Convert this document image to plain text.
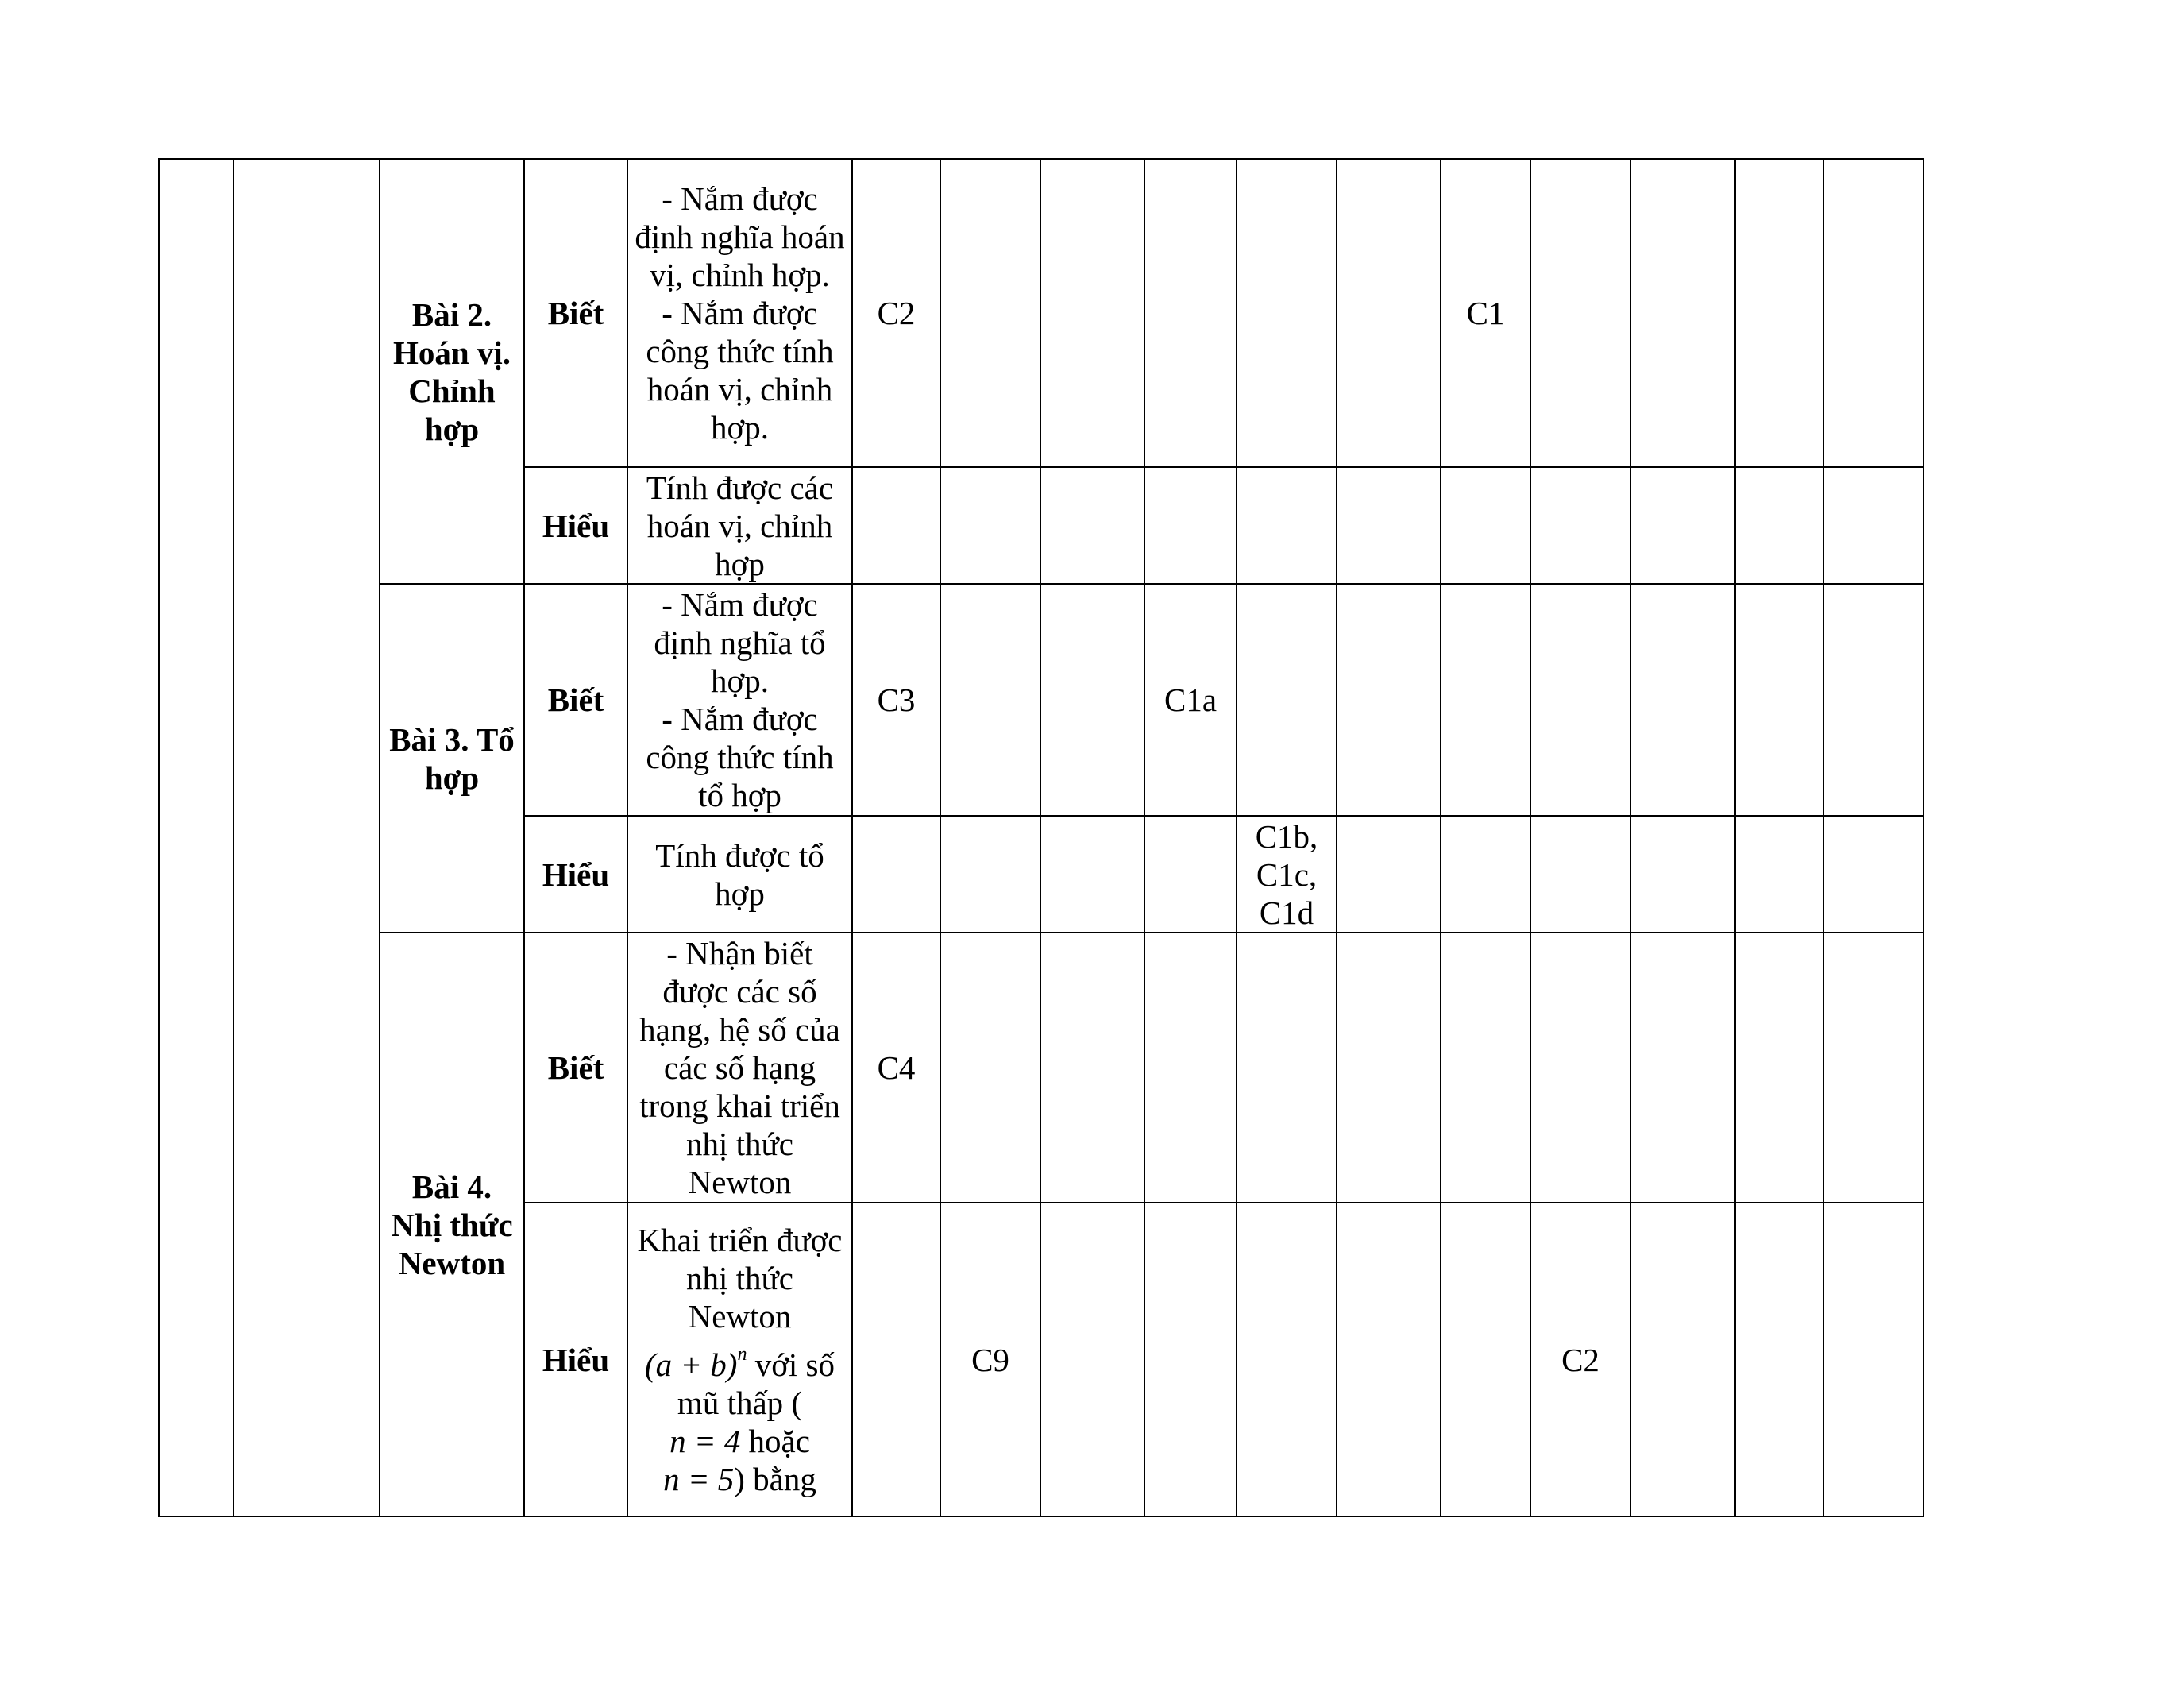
		Bài 2. Hoán vị. Chỉnh hợp	Biết	- Nắm được định nghĩa hoán vị, chỉnh hợp.
- Nắm được công thức tính hoán vị, chỉnh hợp.	C2						C1				
			Hiểu	Tính được các hoán vị, chỉnh hợp											

		Bài 3. Tổ hợp	Biết	- Nắm được định nghĩa tổ hợp.
- Nắm được công thức tính tổ hợp	C3			C1a							
			Hiểu	Tính được tổ hợp					C1b, C1c, C1d						
		Bài 4. Nhị thức Newton	Biết	- Nhận biết được các số hạng, hệ số của các số hạng trong khai triển nhị thức Newton	C4										
			Hiểu	Khai triển được nhị thức Newton
$(a + b)^n$ với số mũ thấp (
n = 4 hoặc
n = 5) bằng		C9						C2			
